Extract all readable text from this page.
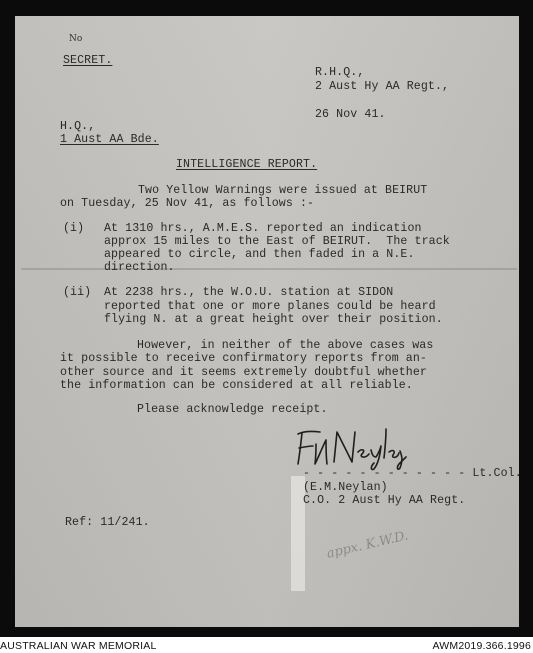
No
SECRET.
R.H.Q.,
2 Aust Hy AA Regt.,
26 Nov 41.
H.Q.,
1 Aust AA Bde.
INTELLIGENCE REPORT.
Two Yellow Warnings were issued at BEIRUT
on Tuesday, 25 Nov 41, as follows :-
(i) At 1310 hrs., A.M.E.S. reported an indication
approx 15 miles to the East of BEIRUT.  The track
appeared to circle, and then faded in a N.E.
direction.
(ii) At 2238 hrs., the W.O.U. station at SIDON
reported that one or more planes could be heard
flying N. at a great height over their position.
However, in neither of the above cases was
it possible to receive confirmatory reports from an-
other source and it seems extremely doubtful whether
the information can be considered at all reliable.
Please acknowledge receipt.
- - - - - - - - - - - - Lt.Col.
(E.M.Neylan)
C.O. 2 Aust Hy AA Regt.
Ref: 11/241.
appx. K.W.D.
AUSTRALIAN WAR MEMORIAL	AWM2019.366.1996
